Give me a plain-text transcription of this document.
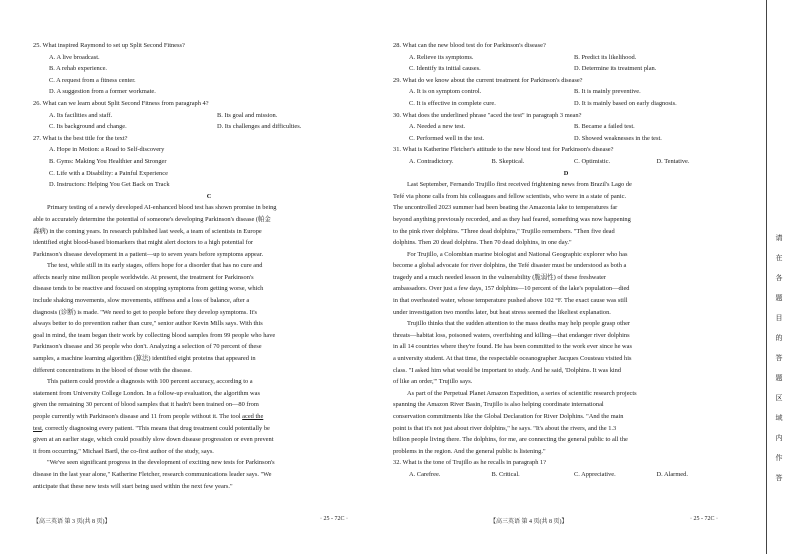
25. What inspired Raymond to set up Split Second Fitness?

A. A live broadcast.

B. A rehab experience.

C. A request from a fitness center.

D. A suggestion from a former workmate.

26. What can we learn about Split Second Fitness from paragraph 4?

A. Its facilities and staff.	B. Its goal and mission.
C. Its background and change.	D. Its challenges and difficulties.

27. What is the best title for the text?

A. Hope in Motion: a Road to Self-discovery

B. Gyms: Making You Healthier and Stronger

C. Life with a Disability: a Painful Experience

D. Instructors: Helping You Get Back on Track

C

Primary testing of a newly developed AI-enhanced blood test has shown promise in being

able to accurately determine the potential of someone's developing Parkinson's disease (帕金

森病) in the coming years. In research published last week, a team of scientists in Europe

identified eight blood-based biomarkers that might alert doctors to a high potential for

Parkinson's disease development in a patient—up to seven years before symptoms appear.

The test, while still in its early stages, offers hope for a disorder that has no cure and

affects nearly nine million people worldwide. At present, the treatment for Parkinson's

disease tends to be reactive and focused on stopping symptoms from getting worse, which

include shaking movements, slow movements, stiffness and a loss of balance, after a

diagnosis (诊断) is made. "We need to get to people before they develop symptoms. It's

always better to do prevention rather than cure," senior author Kevin Mills says. With this

goal in mind, the team began their work by collecting blood samples from 99 people who have

Parkinson's disease and 36 people who don't. Analyzing a selection of 70 percent of these

samples, a machine learning algorithm (算法) identified eight proteins that appeared in

different concentrations in the blood of those with the disease.

This pattern could provide a diagnosis with 100 percent accuracy, according to a

statement from University College London. In a follow-up evaluation, the algorithm was

given the remaining 30 percent of blood samples that it hadn't been trained on—80 from

people currently with Parkinson's disease and 11 from people without it. The tool aced the

test, correctly diagnosing every patient. "This means that drug treatment could potentially be

given at an earlier stage, which could possibly slow down disease progression or even prevent

it from occurring," Michael Bartl, the co-first author of the study, says.

"We've seen significant progress in the development of exciting new tests for Parkinson's

disease in the last year alone," Katherine Fletcher, research communications leader says. "We

anticipate that these new tests will start being used within the next few years."

【高三英语 第 3 页(共 8 页)】	· 25 - 72C ·

28. What can the new blood test do for Parkinson's disease?

A. Relieve its symptoms.	B. Predict its likelihood.
C. Identify its initial causes.	D. Determine its treatment plan.

29. What do we know about the current treatment for Parkinson's disease?

A. It is on symptom control.	B. It is mainly preventive.
C. It is effective in complete cure.	D. It is mainly based on early diagnosis.

30. What does the underlined phrase "aced the test" in paragraph 3 mean?

A. Needed a new test.	B. Became a failed test.
C. Performed well in the test.	D. Showed weaknesses in the test.

31. What is Katherine Fletcher's attitude to the new blood test for Parkinson's disease?

A. Contradictory.	B. Skeptical.	C. Optimistic.	D. Tentative.

D

Last September, Fernando Trujillo first received frightening news from Brazil's Lago de

Tefé via phone calls from his colleagues and fellow scientists, who were in a state of panic.

The uncontrolled 2023 summer had been beating the Amazonia lake to temperatures far

beyond anything previously recorded, and as they had feared, something was now happening

to the pink river dolphins. "Three dead dolphins," Trujillo remembers. "Then five dead

dolphins. Then 20 dead dolphins. Then 70 dead dolphins, in one day."

For Trujillo, a Colombian marine biologist and National Geographic explorer who has

become a global advocate for river dolphins, the Tefé disaster must be understood as both a

tragedy and a much needed lesson in the vulnerability (脆弱性) of these freshwater

ambassadors. Over just a few days, 157 dolphins—10 percent of the lake's population—died

in that overheated water, whose temperature pushed above 102 °F. The exact cause was still

under investigation two months later, but heat stress seemed the likeliest explanation.

Trujillo thinks that the sudden attention to the mass deaths may help people grasp other

threats—habitat loss, poisoned waters, overfishing and killing—that endanger river dolphins

in all 14 countries where they're found. He has been committed to the work ever since he was

a university student. At that time, the respectable oceanographer Jacques Cousteau visited his

class. "I asked him what would be important to study. And he said, 'Dolphins. It was kind

of like an order,'" Trujillo says.

As part of the Perpetual Planet Amazon Expedition, a series of scientific research projects

spanning the Amazon River Basin, Trujillo is also helping coordinate international

conservation commitments like the Global Declaration for River Dolphins. "And the main

point is that it's not just about river dolphins," he says. "It's about the rivers, and the 1.3

billion people living there. The dolphins, for me, are connecting the general public to all the

problems in the region. And the general public is listening."

32. What is the tone of Trujillo as he recalls in paragraph 1?

A. Carefree.	B. Critical.	C. Appreciative.	D. Alarmed.
【高三英语 第 4 页(共 8 页)】	· 25 - 72C ·
请在各题目的答题区域内作答
